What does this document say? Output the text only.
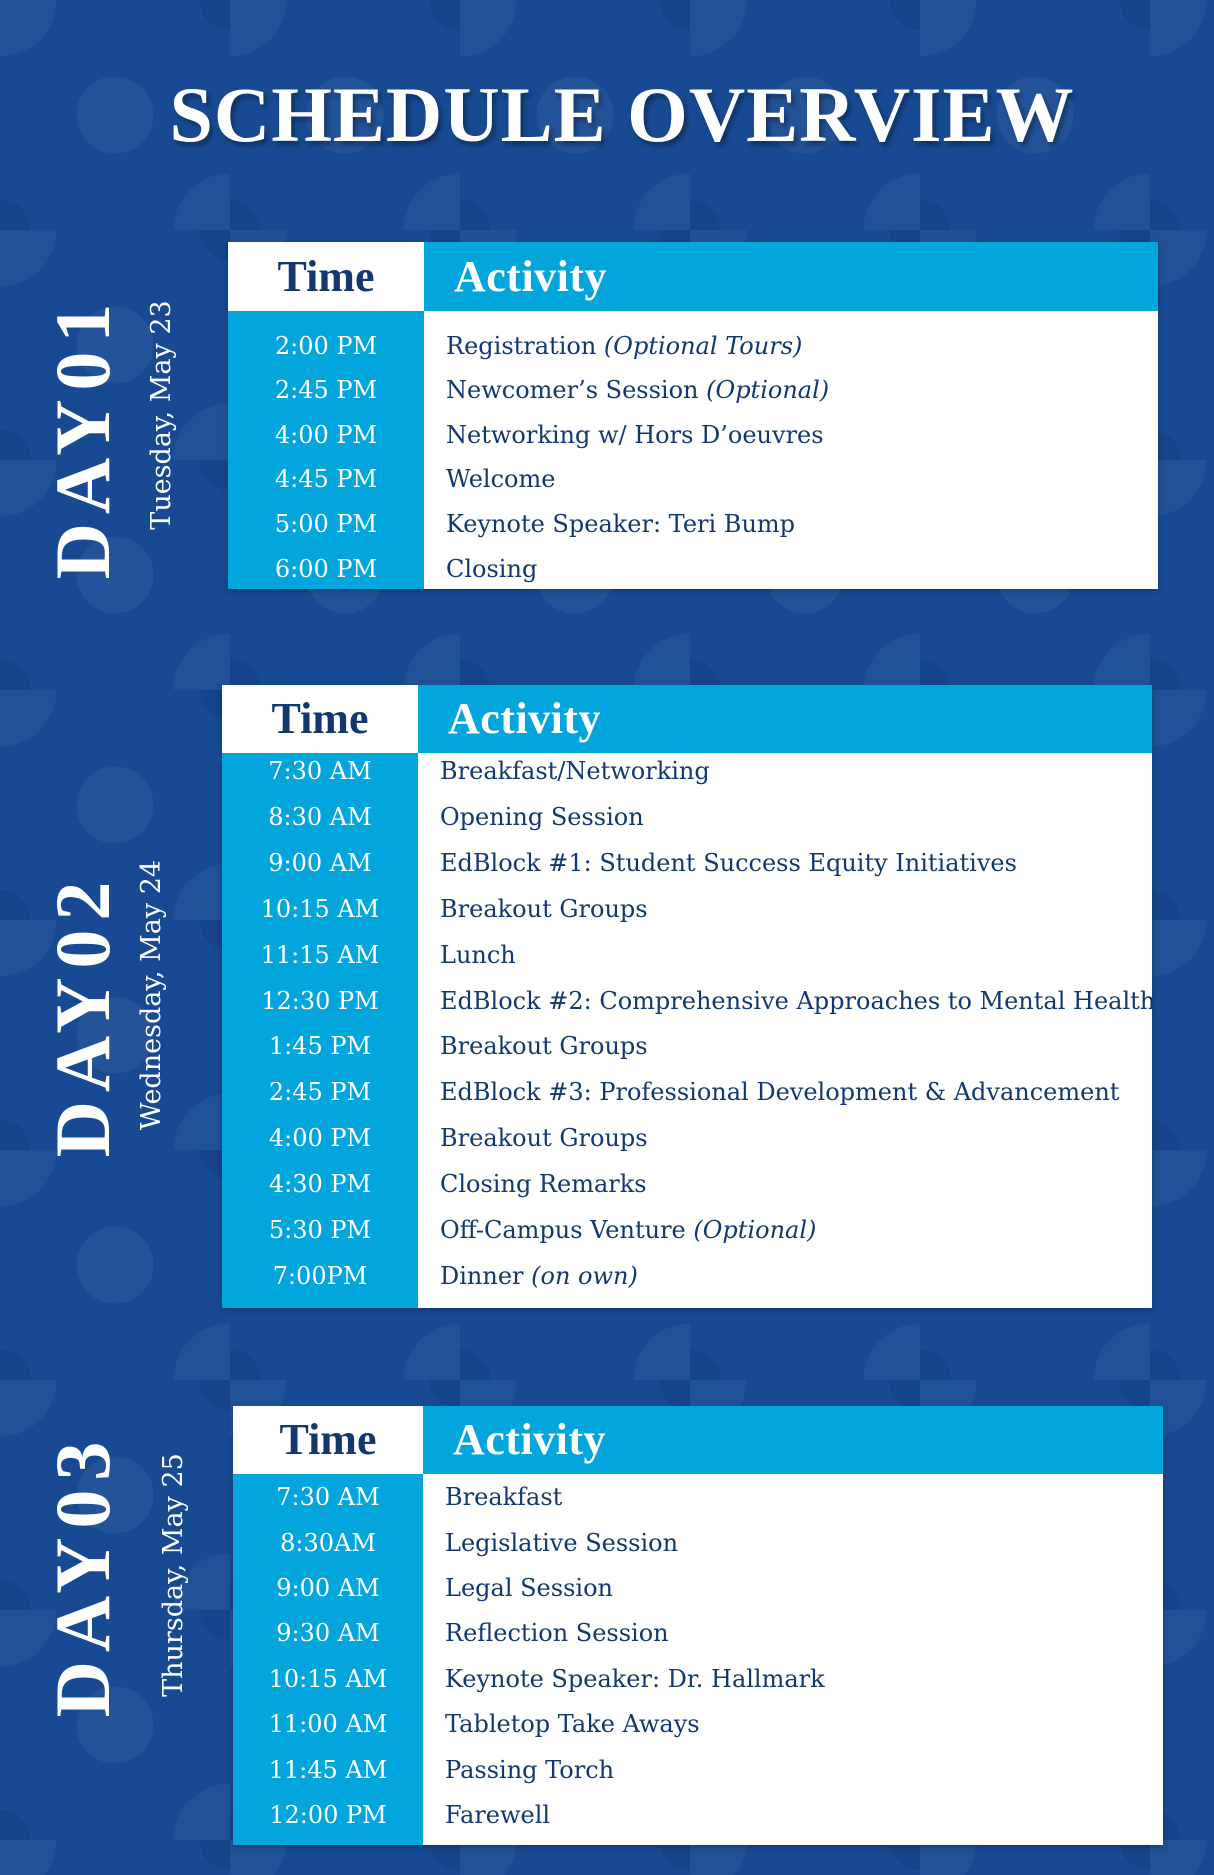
SCHEDULE OVERVIEW
DAY01 Tuesday, May 23
DAY02 Wednesday, May 24
DAY03 Thursday, May 25
Time	Activity
2:00 PM	Registration (Optional Tours)
2:45 PM	Newcomer’s Session (Optional)
4:00 PM	Networking w/ Hors D’oeuvres
4:45 PM	Welcome
5:00 PM	Keynote Speaker: Teri Bump
6:00 PM	Closing
Time	Activity
7:30 AM	Breakfast/Networking
8:30 AM	Opening Session
9:00 AM	EdBlock #1: Student Success Equity Initiatives
10:15 AM	Breakout Groups
11:15 AM	Lunch
12:30 PM	EdBlock #2: Comprehensive Approaches to Mental Health
1:45 PM	Breakout Groups
2:45 PM	EdBlock #3: Professional Development & Advancement
4:00 PM	Breakout Groups
4:30 PM	Closing Remarks
5:30 PM	Off-Campus Venture (Optional)
7:00PM	Dinner (on own)
Time	Activity
7:30 AM	Breakfast
8:30AM	Legislative Session
9:00 AM	Legal Session
9:30 AM	Reflection Session
10:15 AM	Keynote Speaker: Dr. Hallmark
11:00 AM	Tabletop Take Aways
11:45 AM	Passing Torch
12:00 PM	Farewell
